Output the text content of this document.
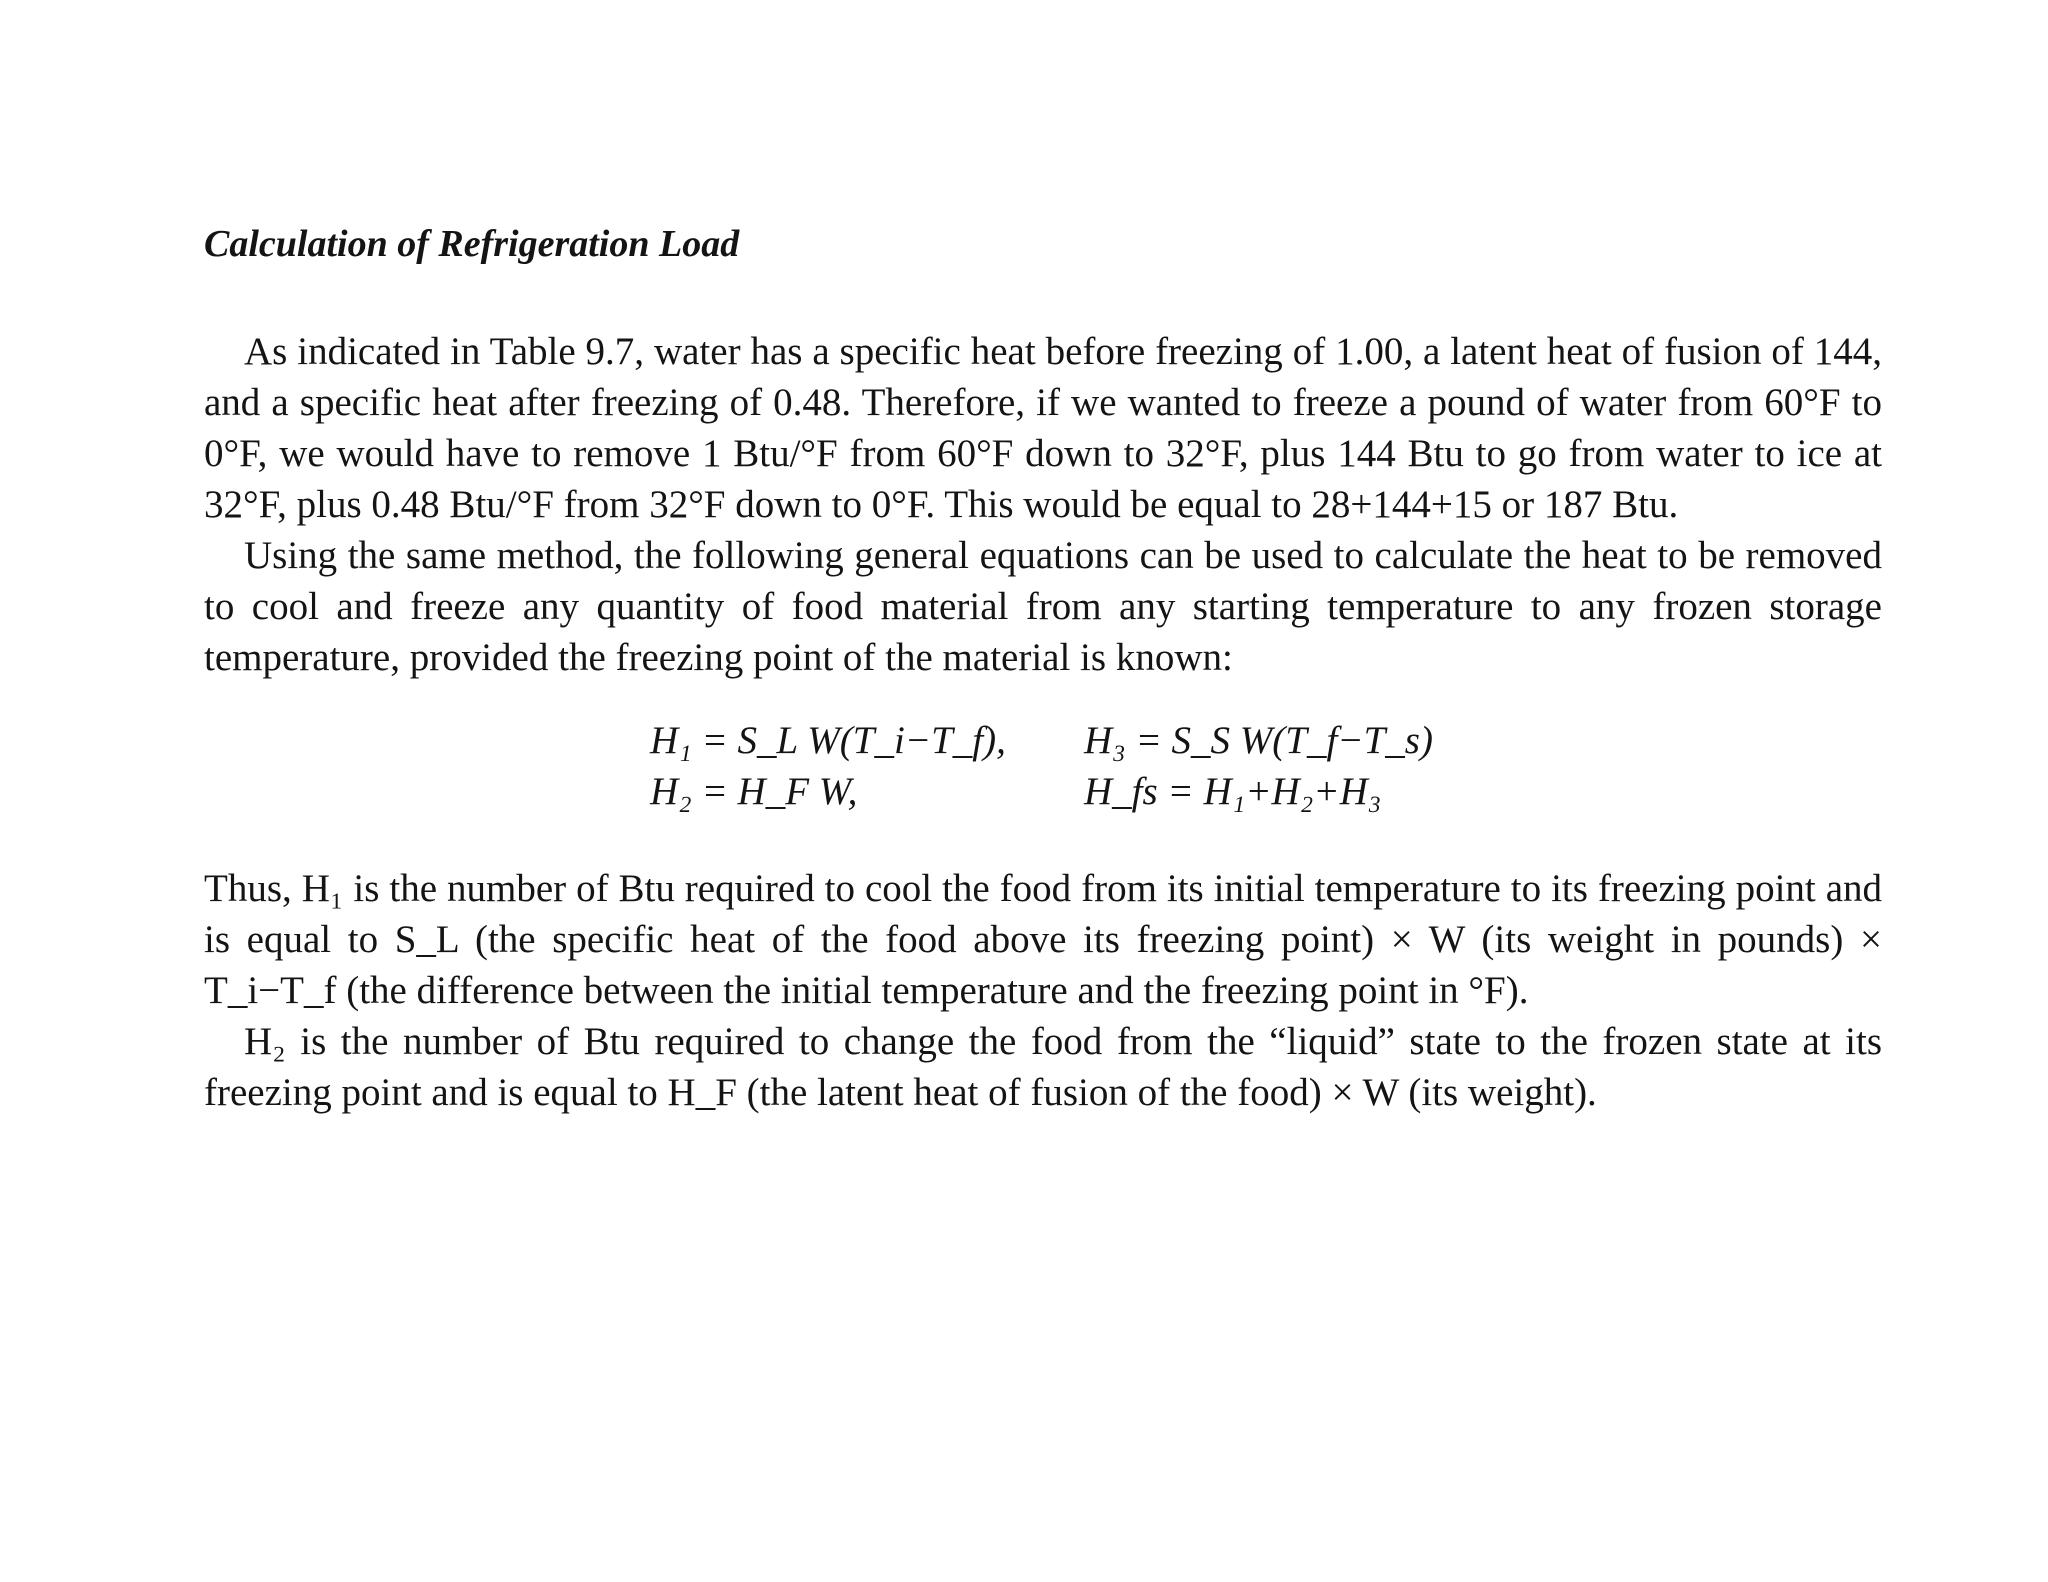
Calculation of Refrigeration Load

As indicated in Table 9.7, water has a specific heat before freezing of 1.00, a latent heat of fusion of 144, and a specific heat after freezing of 0.48. Therefore, if we wanted to freeze a pound of water from 60°F to 0°F, we would have to remove 1 Btu/°F from 60°F down to 32°F, plus 144 Btu to go from water to ice at 32°F, plus 0.48 Btu/°F from 32°F down to 0°F. This would be equal to 28+144+15 or 187 Btu.

Using the same method, the following general equations can be used to calculate the heat to be removed to cool and freeze any quantity of food material from any starting temperature to any frozen storage temperature, provided the freezing point of the material is known:

H₁ = S_L W(T_i−T_f),
H₂ = H_F W,
H₃ = S_S W(T_f−T_s)
H_fs = H₁+H₂+H₃

Thus, H₁ is the number of Btu required to cool the food from its initial temperature to its freezing point and is equal to S_L (the specific heat of the food above its freezing point) × W (its weight in pounds) × T_i−T_f (the difference between the initial temperature and the freezing point in °F).

H₂ is the number of Btu required to change the food from the “liquid” state to the frozen state at its freezing point and is equal to H_F (the latent heat of fusion of the food) × W (its weight).
